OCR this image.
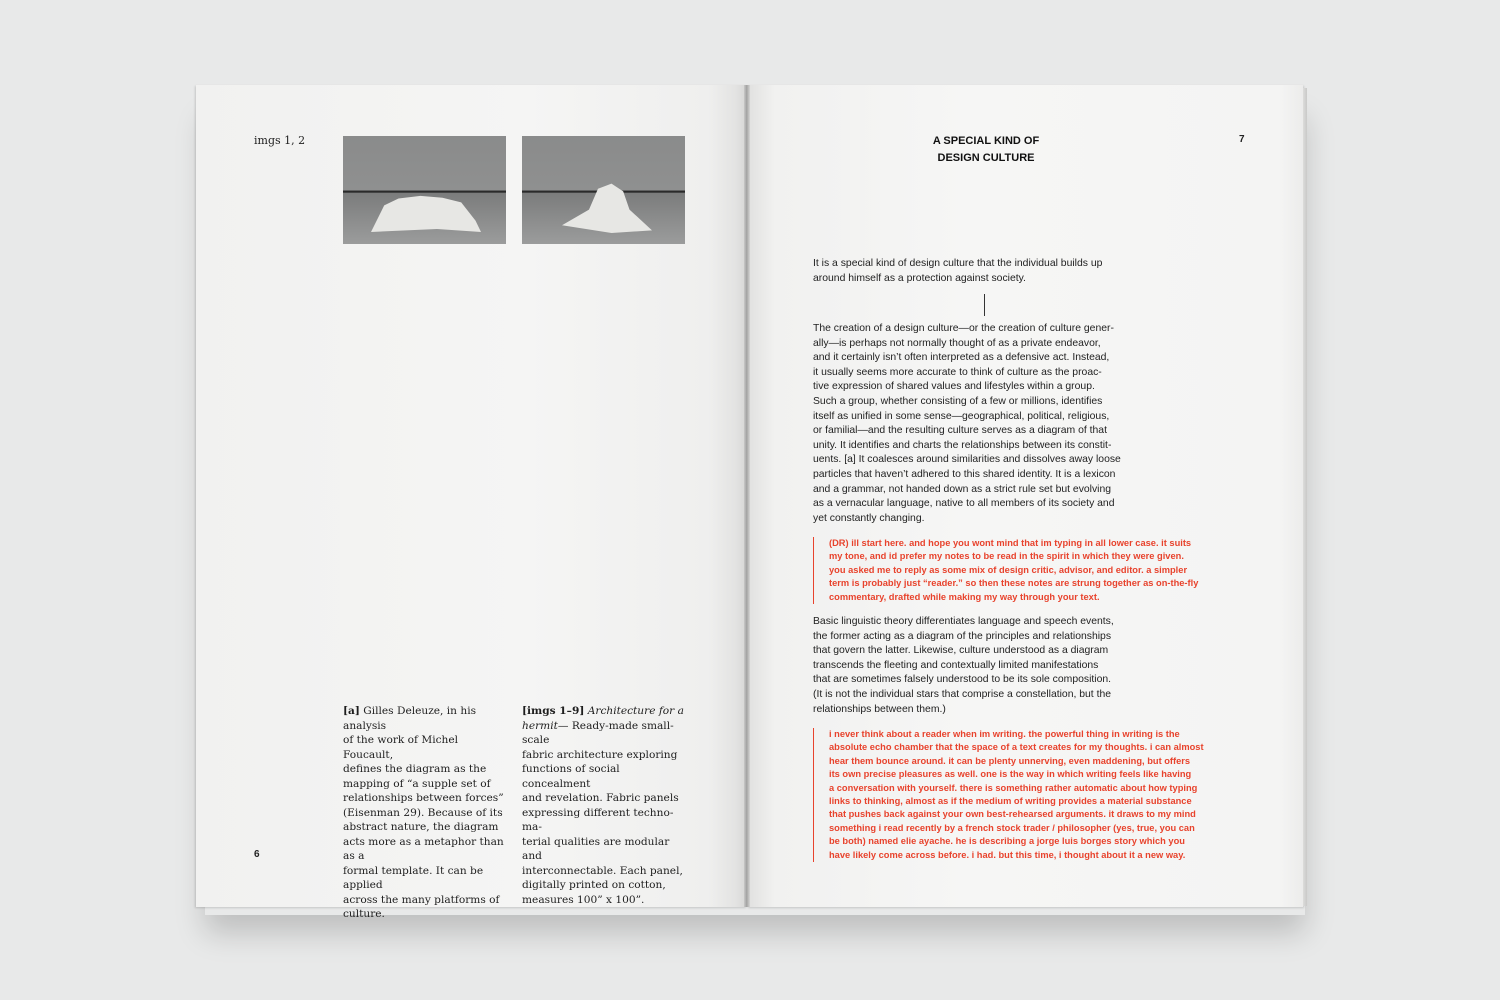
imgs 1, 2

[a] Gilles Deleuze, in his analysis

of the work of Michel Foucault,

defines the diagram as the

mapping of “a supple set of

relationships between forces”

(Eisenman 29). Because of its

abstract nature, the diagram

acts more as a metaphor than as a

formal template. It can be applied

across the many platforms of

culture.

[imgs 1–9] Architecture for a

hermit— Ready-made small-scale

fabric architecture exploring

functions of social concealment

and revelation. Fabric panels

expressing different techno-ma-

terial qualities are modular and

interconnectable. Each panel,

digitally printed on cotton,

measures 100” x 100”.

6
A SPECIAL KIND OF
DESIGN CULTURE
7
It is a special kind of design culture that the individual builds up
around himself as a protection against society.
The creation of a design culture—or the creation of culture gener-
ally—is perhaps not normally thought of as a private endeavor,
and it certainly isn’t often interpreted as a defensive act. Instead,
it usually seems more accurate to think of culture as the proac-
tive expression of shared values and lifestyles within a group.
Such a group, whether consisting of a few or millions, identifies
itself as unified in some sense—geographical, political, religious,
or familial—and the resulting culture serves as a diagram of that
unity. It identifies and charts the relationships between its constit-
uents. [a] It coalesces around similarities and dissolves away loose
particles that haven’t adhered to this shared identity. It is a lexicon
and a grammar, not handed down as a strict rule set but evolving
as a vernacular language, native to all members of its society and
yet constantly changing.
(DR) ill start here. and hope you wont mind that im typing in all lower case. it suits
my tone, and id prefer my notes to be read in the spirit in which they were given.
you asked me to reply as some mix of design critic, advisor, and editor. a simpler
term is probably just “reader.” so then these notes are strung together as on-the-fly
commentary, drafted while making my way through your text.
Basic linguistic theory differentiates language and speech events,
the former acting as a diagram of the principles and relationships
that govern the latter. Likewise, culture understood as a diagram
transcends the fleeting and contextually limited manifestations
that are sometimes falsely understood to be its sole composition.
(It is not the individual stars that comprise a constellation, but the
relationships between them.)
i never think about a reader when im writing. the powerful thing in writing is the
absolute echo chamber that the space of a text creates for my thoughts. i can almost
hear them bounce around. it can be plenty unnerving, even maddening, but offers
its own precise pleasures as well. one is the way in which writing feels like having
a conversation with yourself. there is something rather automatic about how typing
links to thinking, almost as if the medium of writing provides a material substance
that pushes back against your own best-rehearsed arguments. it draws to my mind
something i read recently by a french stock trader / philosopher (yes, true, you can
be both) named elie ayache. he is describing a jorge luis borges story which you
have likely come across before. i had. but this time, i thought about it a new way.
